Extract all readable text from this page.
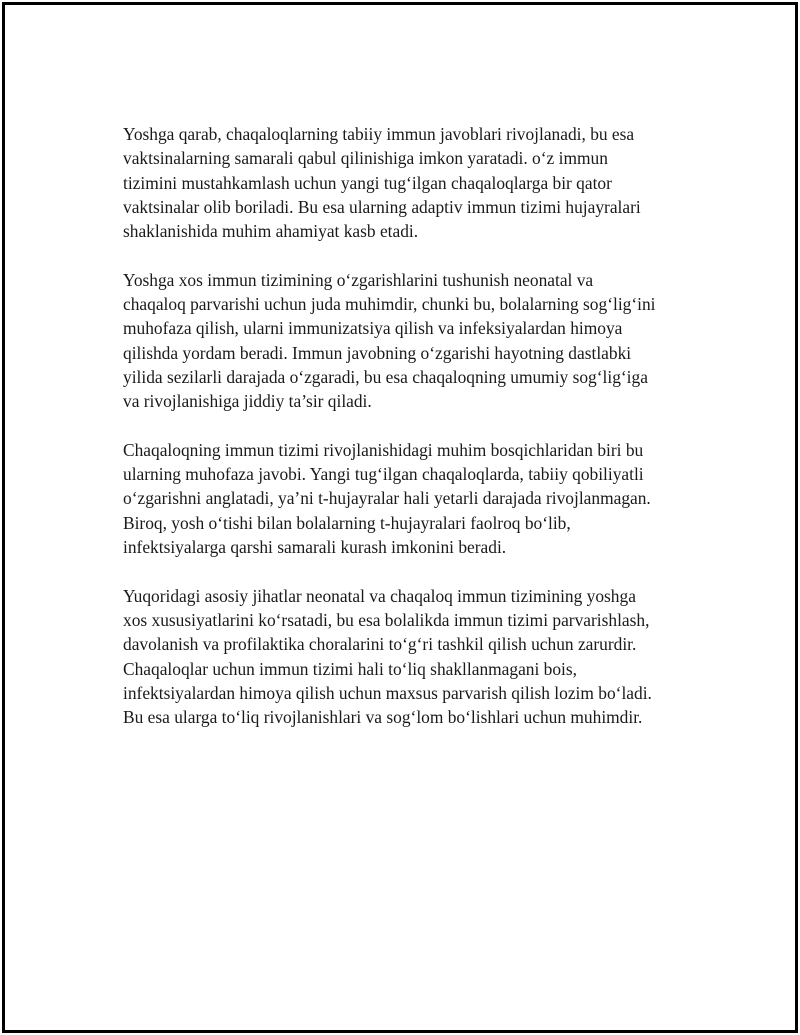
Yoshga qarab, chaqaloqlarning tabiiy immun javoblari rivojlanadi, bu esa
vaktsinalarning samarali qabul qilinishiga imkon yaratadi. o‘z immun
tizimini mustahkamlash uchun yangi tug‘ilgan chaqaloqlarga bir qator
vaktsinalar olib boriladi. Bu esa ularning adaptiv immun tizimi hujayralari
shaklanishida muhim ahamiyat kasb etadi.

Yoshga xos immun tizimining o‘zgarishlarini tushunish neonatal va
chaqaloq parvarishi uchun juda muhimdir, chunki bu, bolalarning sog‘lig‘ini
muhofaza qilish, ularni immunizatsiya qilish va infeksiyalardan himoya
qilishda yordam beradi. Immun javobning o‘zgarishi hayotning dastlabki
yilida sezilarli darajada o‘zgaradi, bu esa chaqaloqning umumiy sog‘lig‘iga
va rivojlanishiga jiddiy ta’sir qiladi.

Chaqaloqning immun tizimi rivojlanishidagi muhim bosqichlaridan biri bu
ularning muhofaza javobi. Yangi tug‘ilgan chaqaloqlarda, tabiiy qobiliyatli
o‘zgarishni anglatadi, ya’ni t-hujayralar hali yetarli darajada rivojlanmagan.
Biroq, yosh o‘tishi bilan bolalarning t-hujayralari faolroq bo‘lib,
infektsiyalarga qarshi samarali kurash imkonini beradi.

Yuqoridagi asosiy jihatlar neonatal va chaqaloq immun tizimining yoshga
xos xususiyatlarini ko‘rsatadi, bu esa bolalikda immun tizimi parvarishlash,
davolanish va profilaktika choralarini to‘g‘ri tashkil qilish uchun zarurdir.
Chaqaloqlar uchun immun tizimi hali to‘liq shakllanmagani bois,
infektsiyalardan himoya qilish uchun maxsus parvarish qilish lozim bo‘ladi.
Bu esa ularga to‘liq rivojlanishlari va sog‘lom bo‘lishlari uchun muhimdir.
